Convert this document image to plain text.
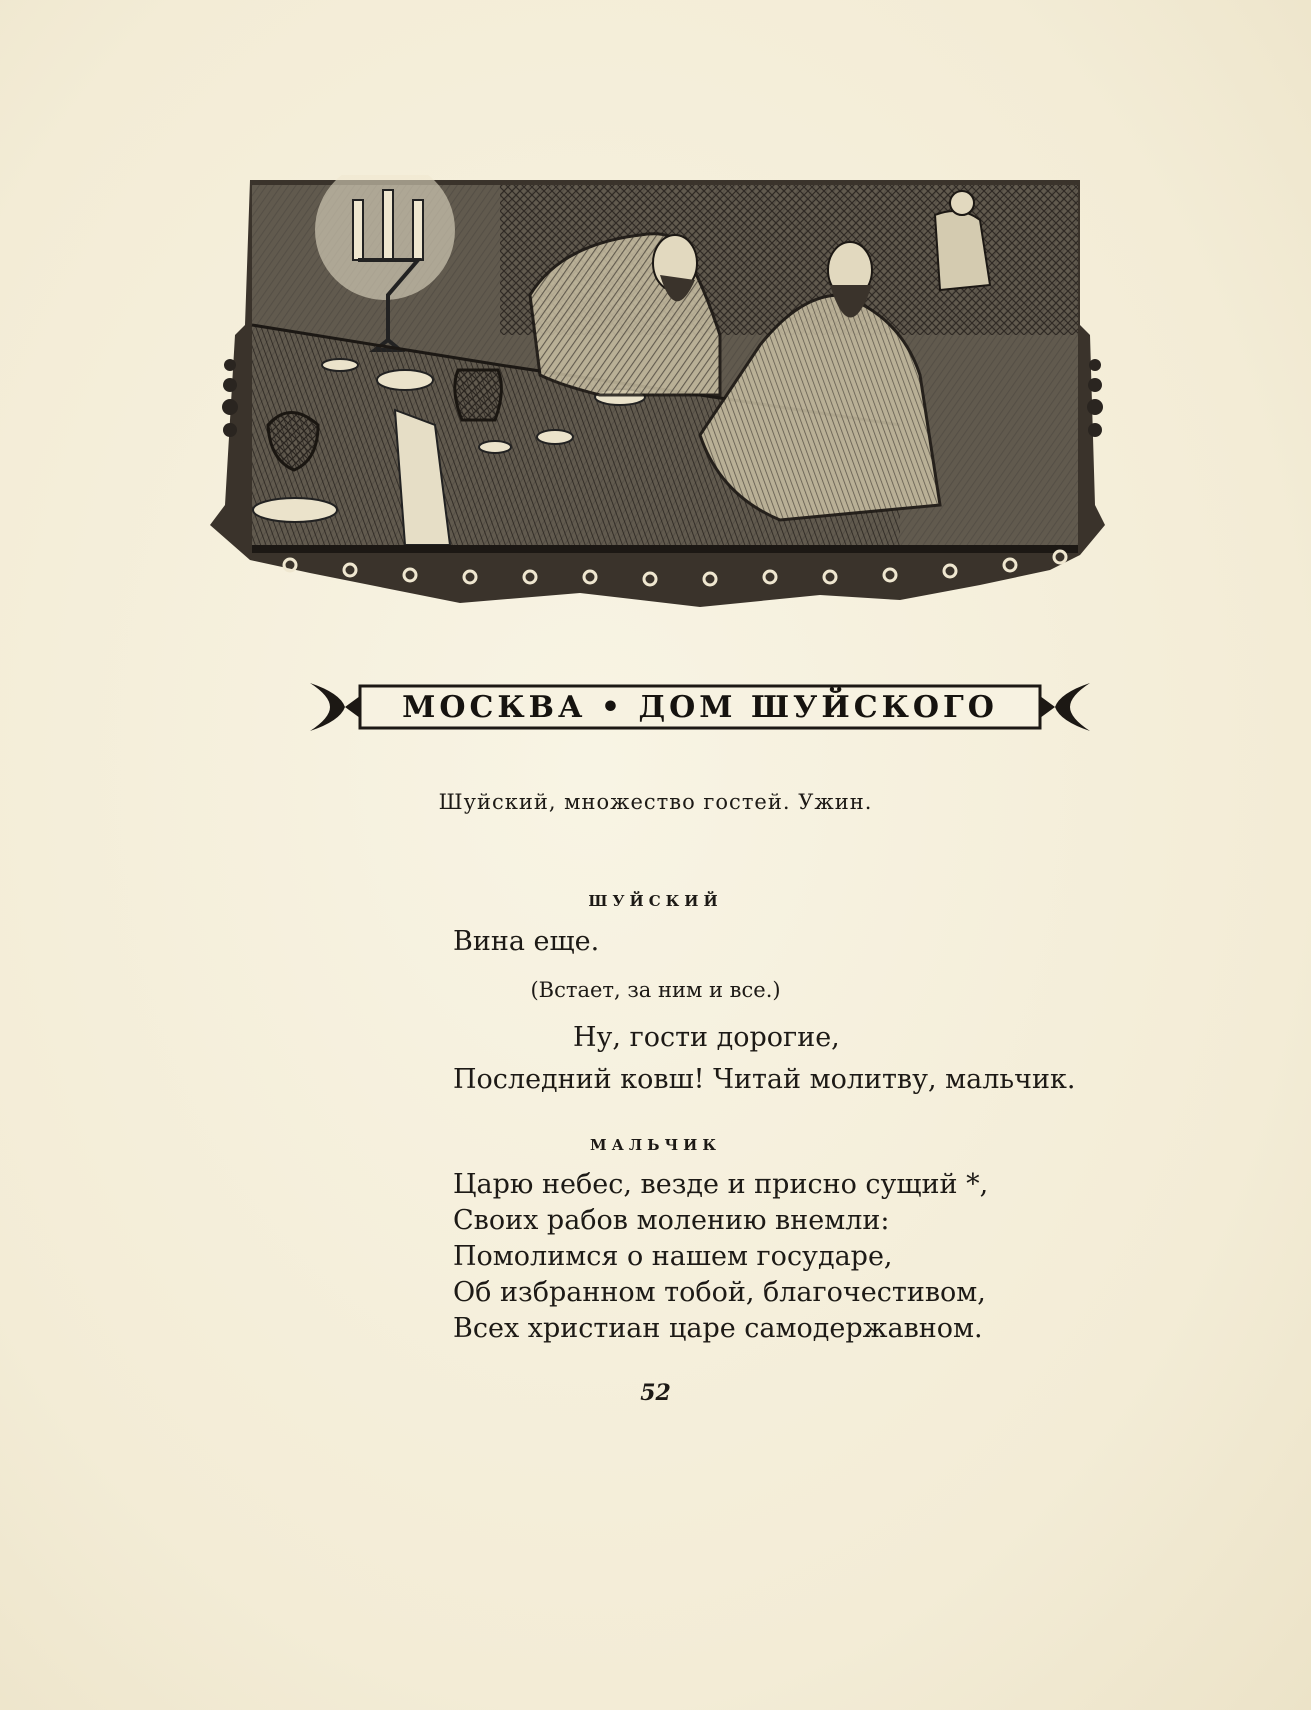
МОСКВА • ДОМ ШУЙСКОГО
Шуйский, множество гостей. Ужин.
ШУЙСКИЙ
Вина еще.
(Встает, за ним и все.)
Ну, гости дорогие,
Последний ковш! Читай молитву, мальчик.
МАЛЬЧИК
Царю небес, везде и присно сущий *,
Своих рабов молению внемли:
Помолимся о нашем государе,
Об избранном тобой, благочестивом,
Всех христиан царе самодержавном.
52
